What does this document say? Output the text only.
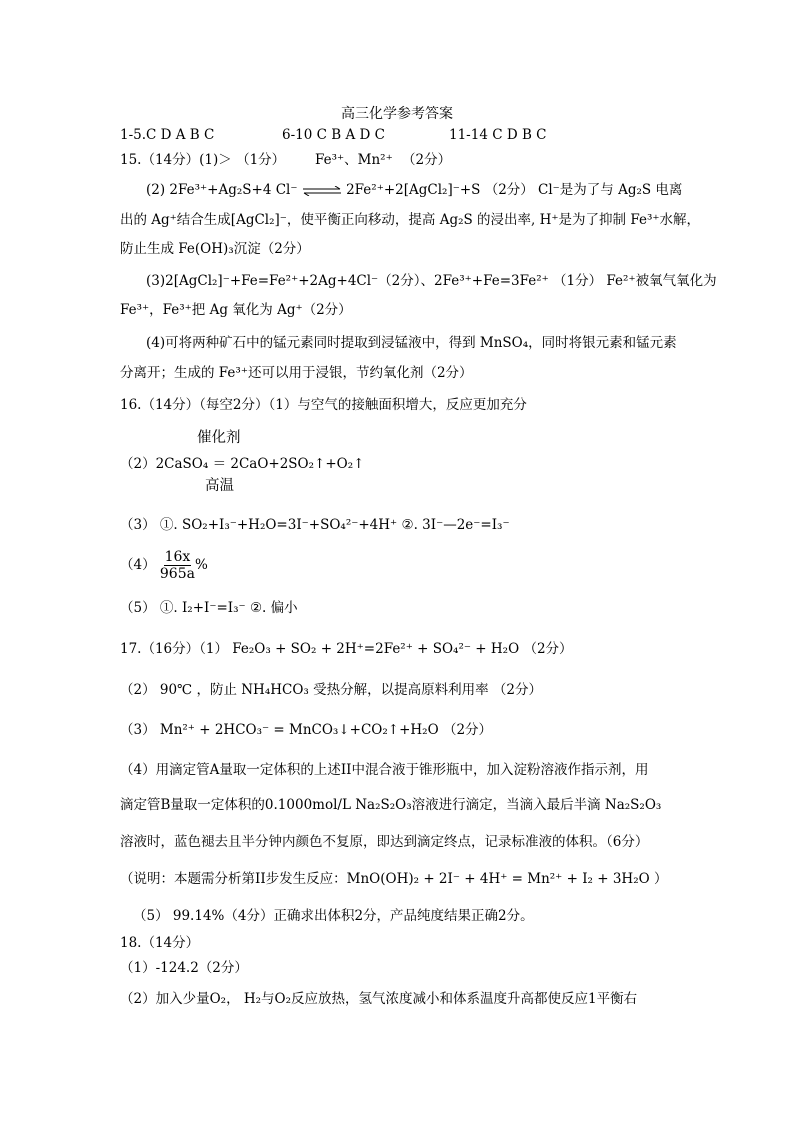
高三化学参考答案
1-5.C D A B C	6-10 C B A D C	11-14 C D B C
15.（14分）(1)＞ （1分） Fe³⁺、Mn²⁺ （2分）
(2) 2Fe³⁺+Ag₂S+4 Cl⁻ ⇌ 2Fe²⁺+2[AgCl₂]⁻+S （2分） Cl⁻是为了与 Ag₂S 电离
出的 Ag⁺结合生成[AgCl₂]⁻，使平衡正向移动，提高 Ag₂S 的浸出率, H⁺是为了抑制 Fe³⁺水解，
防止生成 Fe(OH)₃沉淀（2分）
(3)2[AgCl₂]⁻+Fe=Fe²⁺+2Ag+4Cl⁻（2分）、2Fe³⁺+Fe=3Fe²⁺ （1分） Fe²⁺被氧气氧化为
Fe³⁺，Fe³⁺把 Ag 氧化为 Ag⁺（2分）
(4)可将两种矿石中的锰元素同时提取到浸锰液中，得到 MnSO₄，同时将银元素和锰元素
分离开；生成的 Fe³⁺还可以用于浸银，节约氧化剂（2分）
16.（14分）（每空2分）（1）与空气的接触面积增大，反应更加充分
催化剂
（2）2CaSO₄ ＝ 2CaO+2SO₂↑+O₂↑
高温
（3） ①. SO₂+I₃⁻+H₂O=3I⁻+SO₄²⁻+4H⁺ ②. 3I⁻—2e⁻=I₃⁻
$(4) \frac{16x}{965a}$ %
（5） ①. I₂+I⁻=I₃⁻ ②. 偏小
17.（16分）（1） Fe₂O₃ + SO₂ + 2H⁺=2Fe²⁺ + SO₄²⁻ + H₂O （2分）
（2） 90℃ ，防止 NH₄HCO₃ 受热分解，以提高原料利用率 （2分）
（3） Mn²⁺ + 2HCO₃⁻ = MnCO₃↓+CO₂↑+H₂O （2分）
（4）用滴定管A量取一定体积的上述II中混合液于锥形瓶中，加入淀粉溶液作指示剂，用
滴定管B量取一定体积的0.1000mol/L Na₂S₂O₃溶液进行滴定，当滴入最后半滴 Na₂S₂O₃
溶液时，蓝色褪去且半分钟内颜色不复原，即达到滴定终点，记录标准液的体积。（6分）
（说明：本题需分析第II步发生反应：MnO(OH)₂ + 2I⁻ + 4H⁺ = Mn²⁺ + I₂ + 3H₂O ）
（5） 99.14%（4分）正确求出体积2分，产品纯度结果正确2分。
18.（14分）
（1）-124.2（2分）
（2）加入少量O₂， H₂与O₂反应放热，氢气浓度减小和体系温度升高都使反应1平衡右
